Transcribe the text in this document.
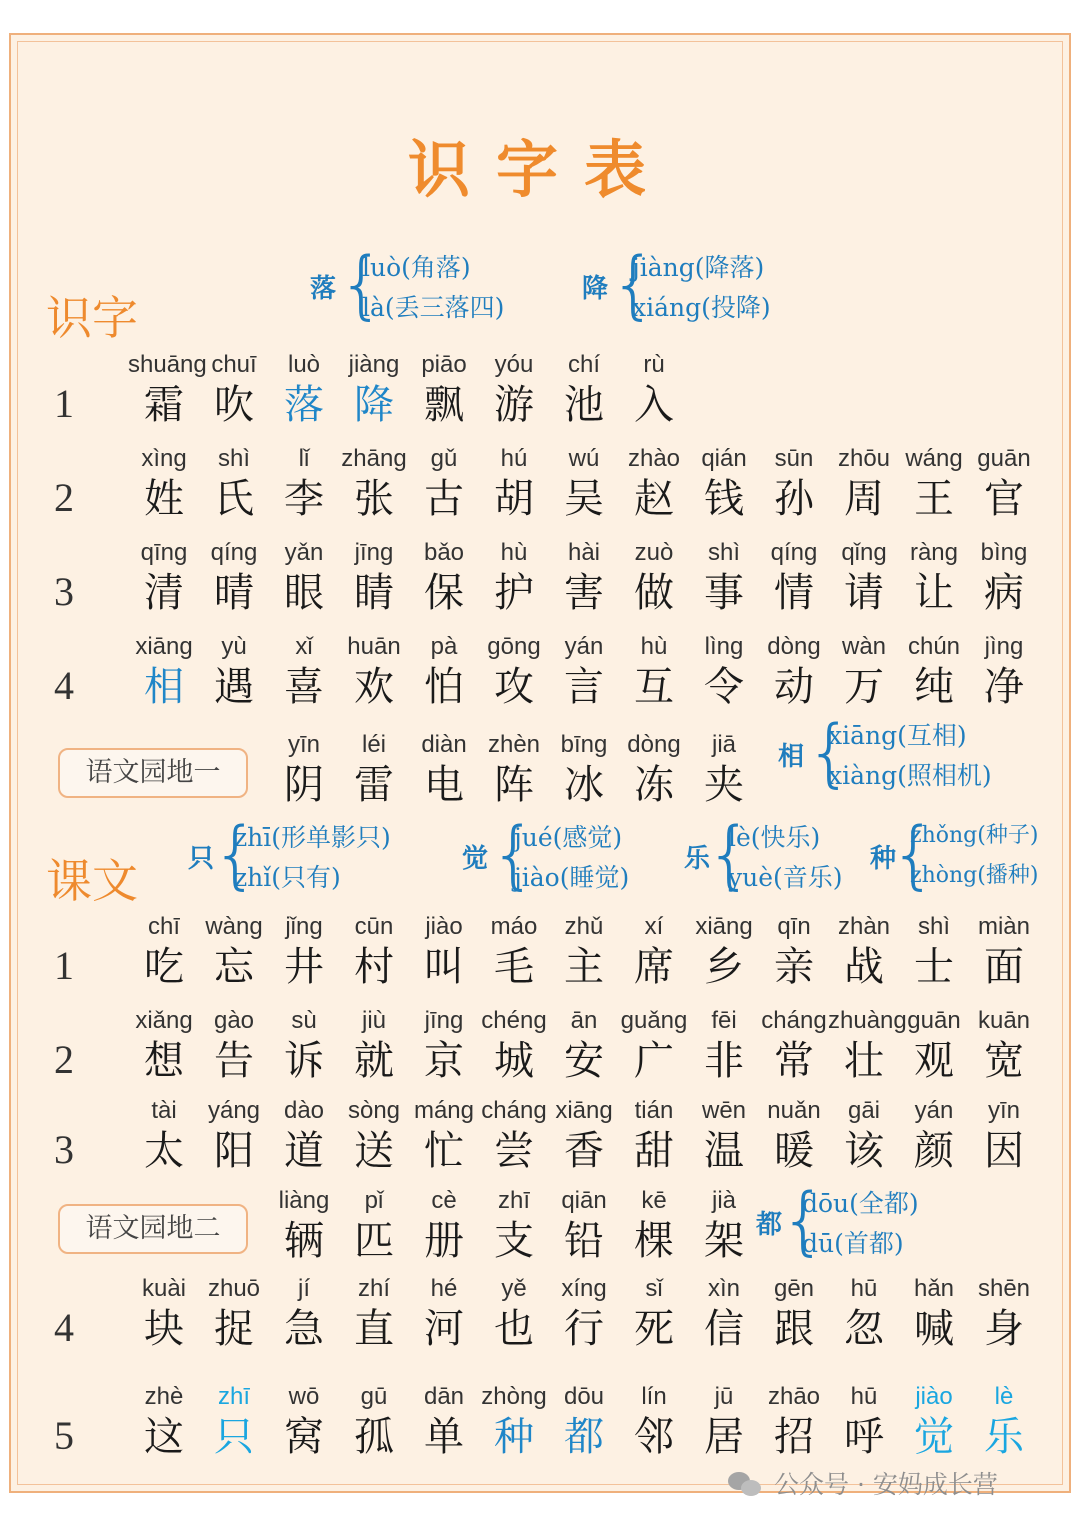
识字表
识字
课文
落 {
luò(角落)
là(丢三落四)
降 {
jiàng(降落)
xiáng(投降)
相 {
xiāng(互相)
xiàng(照相机)
只
{
zhī(形单影只)
zhǐ(只有)
觉 {
jué(感觉)
jiào(睡觉)
乐
{
lè(快乐)
yuè(音乐)
种
{
zhǒng(种子)
zhòng(播种)
都
{
dōu(全都)
dū(首都)
1
shuāng
霜
chuī
吹
luò
落
jiàng
降
piāo
飘
yóu
游
chí
池
rù
入
2
xìng
姓
shì
氏
lǐ
李
zhāng
张
gǔ
古
hú
胡
wú
吴
zhào
赵
qián
钱
sūn
孙
zhōu
周
wáng
王
guān
官
3
qīng
清
qíng
晴
yǎn
眼
jīng
睛
bǎo
保
hù
护
hài
害
zuò
做
shì
事
qíng
情
qǐng
请
ràng
让
bìng
病
4
xiāng
相
yù
遇
xǐ
喜
huān
欢
pà
怕
gōng
攻
yán
言
hù
互
lìng
令
dòng
动
wàn
万
chún
纯
jìng
净
语文园地一
yīn
阴
léi
雷
diàn
电
zhèn
阵
bīng
冰
dòng
冻
jiā
夹
1
chī
吃
wàng
忘
jǐng
井
cūn
村
jiào
叫
máo
毛
zhǔ
主
xí
席
xiāng
乡
qīn
亲
zhàn
战
shì
士
miàn
面
2
xiǎng
想
gào
告
sù
诉
jiù
就
jīng
京
chéng
城
ān
安
guǎng
广
fēi
非
cháng
常
zhuàng
壮
guān
观
kuān
宽
3
tài
太
yáng
阳
dào
道
sòng
送
máng
忙
cháng
尝
xiāng
香
tián
甜
wēn
温
nuǎn
暖
gāi
该
yán
颜
yīn
因
语文园地二
liàng
辆
pǐ
匹
cè
册
zhī
支
qiān
铅
kē
棵
jià
架
4
kuài
块
zhuō
捉
jí
急
zhí
直
hé
河
yě
也
xíng
行
sǐ
死
xìn
信
gēn
跟
hū
忽
hǎn
喊
shēn
身
5
zhè
这
zhī
只
wō
窝
gū
孤
dān
单
zhòng
种
dōu
都
lín
邻
jū
居
zhāo
招
hū
呼
jiào
觉
lè
乐
公众号 · 安妈成长营
